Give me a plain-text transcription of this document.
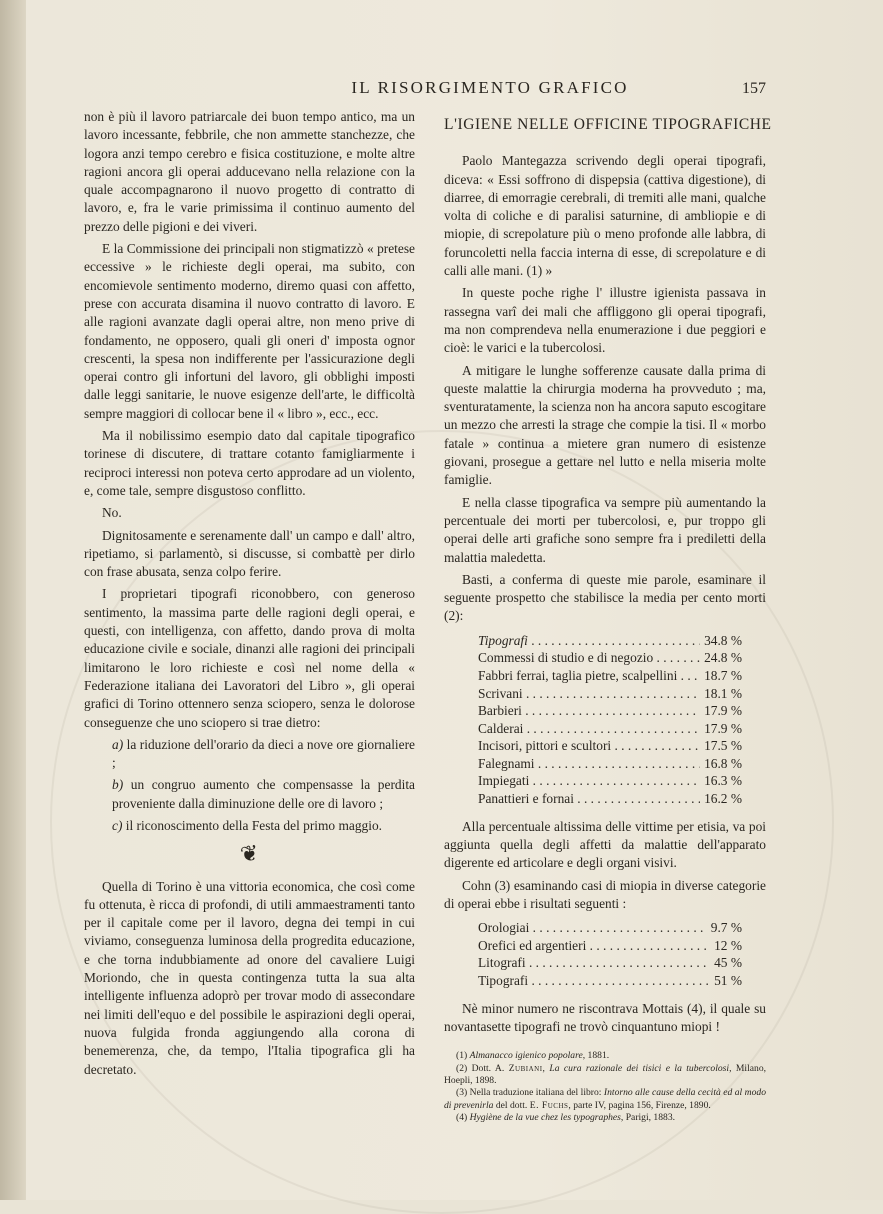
IL RISORGIMENTO GRAFICO	157

non è più il lavoro patriarcale dei buon tempo antico, ma un lavoro incessante, febbrile, che non ammette stanchezze, che logora anzi tempo cerebro e fisica costituzione, e molte altre ragioni ancora gli operai adducevano nella relazione con la quale accompagnarono il nuovo progetto di contratto di lavoro, e, fra le varie primissima il continuo aumento del prezzo delle pigioni e dei viveri.

E la Commissione dei principali non stigmatizzò « pretese eccessive » le richieste degli operai, ma subito, con encomievole sentimento moderno, diremo quasi con affetto, prese con accurata disamina il nuovo contratto di lavoro. E alle ragioni avanzate dagli operai altre, non meno prive di fondamento, ne opposero, quali gli oneri d' imposta ognor crescenti, la spesa non indifferente per l'assicurazione degli operai contro gli infortuni del lavoro, gli obblighi imposti dalle leggi sanitarie, le nuove esigenze dell'arte, le difficoltà sempre maggiori di collocar bene il « libro », ecc., ecc.

Ma il nobilissimo esempio dato dal capitale tipografico torinese di discutere, di trattare cotanto famigliarmente i reciproci interessi non poteva certo approdare ad un violento, e, come tale, sempre disgustoso conflitto.

No.

Dignitosamente e serenamente dall' un campo e dall' altro, ripetiamo, si parlamentò, si discusse, si combattè per dirlo con frase abusata, senza colpo ferire.

I proprietari tipografi riconobbero, con generoso sentimento, la massima parte delle ragioni degli operai, e questi, con intelligenza, con affetto, dando prova di molta educazione civile e sociale, dinanzi alle ragioni dei principali limitarono le loro richieste e così nel nome della « Federazione italiana dei Lavoratori del Libro », gli operai grafici di Torino ottennero senza sciopero, senza le dolorose conseguenze che uno sciopero si trae dietro:

a) la riduzione dell'orario da dieci a nove ore giornaliere ;

b) un congruo aumento che compensasse la perdita proveniente dalla diminuzione delle ore di lavoro ;

c) il riconoscimento della Festa del primo maggio.

❦

Quella di Torino è una vittoria economica, che così come fu ottenuta, è ricca di profondi, di utili ammaestramenti tanto per il capitale come per il lavoro, degna dei tempi in cui viviamo, conseguenza luminosa della progredita educazione, e che torna indubbiamente ad onore del cavaliere Luigi Moriondo, che in questa contingenza tutta la sua alta intelligente influenza adoprò per trovar modo di assecondare nei limiti dell'equo e del possibile le aspirazioni degli operai, nuova fulgida fronda aggiungendo alla corona di benemerenza, che, da tempo, l'Italia tipografica gli ha decretato.

L'IGIENE NELLE OFFICINE TIPOGRAFICHE

Paolo Mantegazza scrivendo degli operai tipografi, diceva: « Essi soffrono di dispepsia (cattiva digestione), di diarree, di emorragie cerebrali, di tremiti alle mani, qualche volta di coliche e di paralisi saturnine, di ambliopie e di miopie, di screpolature più o meno profonde alle labbra, di foruncoletti nella faccia interna di esse, di screpolature e di calli alle mani. (1) »

In queste poche righe l' illustre igienista passava in rassegna varî dei mali che affliggono gli operai tipografi, ma non comprendeva nella enumerazione i due peggiori e cioè: le varici e la tubercolosi.

A mitigare le lunghe sofferenze causate dalla prima di queste malattie la chirurgia moderna ha provveduto ; ma, sventuratamente, la scienza non ha ancora saputo escogitare un mezzo che arresti la strage che compie la tisi. Il « morbo fatale » continua a mietere gran numero di esistenze giovani, prosegue a gettare nel lutto e nella miseria molte famiglie.

E nella classe tipografica va sempre più aumentando la percentuale dei morti per tubercolosi, e, pur troppo gli operai delle arti grafiche sono sempre fra i prediletti della malattia maledetta.

Basti, a conferma di queste mie parole, esaminare il seguente prospetto che stabilisce la media per cento morti (2):

Tipografi . . .	34.8 %
Commessi di studio e di negozio . . .	24.8 %
Fabbri ferrai, taglia pietre, scalpellini . . .	18.7 %
Scrivani . . .	18.1 %
Barbieri . . .	17.9 %
Calderai . . .	17.9 %
Incisori, pittori e scultori . . .	17.5 %
Falegnami . . .	16.8 %
Impiegati . . .	16.3 %
Panattieri e fornai . . .	16.2 %

Alla percentuale altissima delle vittime per etisia, va poi aggiunta quella degli affetti da malattie dell'apparato digerente ed articolare e degli organi visivi.

Cohn (3) esaminando casi di miopia in diverse categorie di operai ebbe i risultati seguenti :

Orologiai . . .	9.7 %
Orefici ed argentieri . . .	12 %
Litografi . . .	45 %
Tipografi . . .	51 %

Nè minor numero ne riscontrava Mottais (4), il quale su novantasette tipografi ne trovò cinquantuno miopi !

(1) Almanacco igienico popolare, 1881.

(2) Dott. A. Zubiani, La cura razionale dei tisici e la tubercolosi, Milano, Hoepli, 1898.

(3) Nella traduzione italiana del libro: Intorno alle cause della cecità ed al modo di prevenirla del dott. E. Fuchs, parte IV, pagina 156, Firenze, 1890.

(4) Hygiène de la vue chez les typographes, Parigi, 1883.
